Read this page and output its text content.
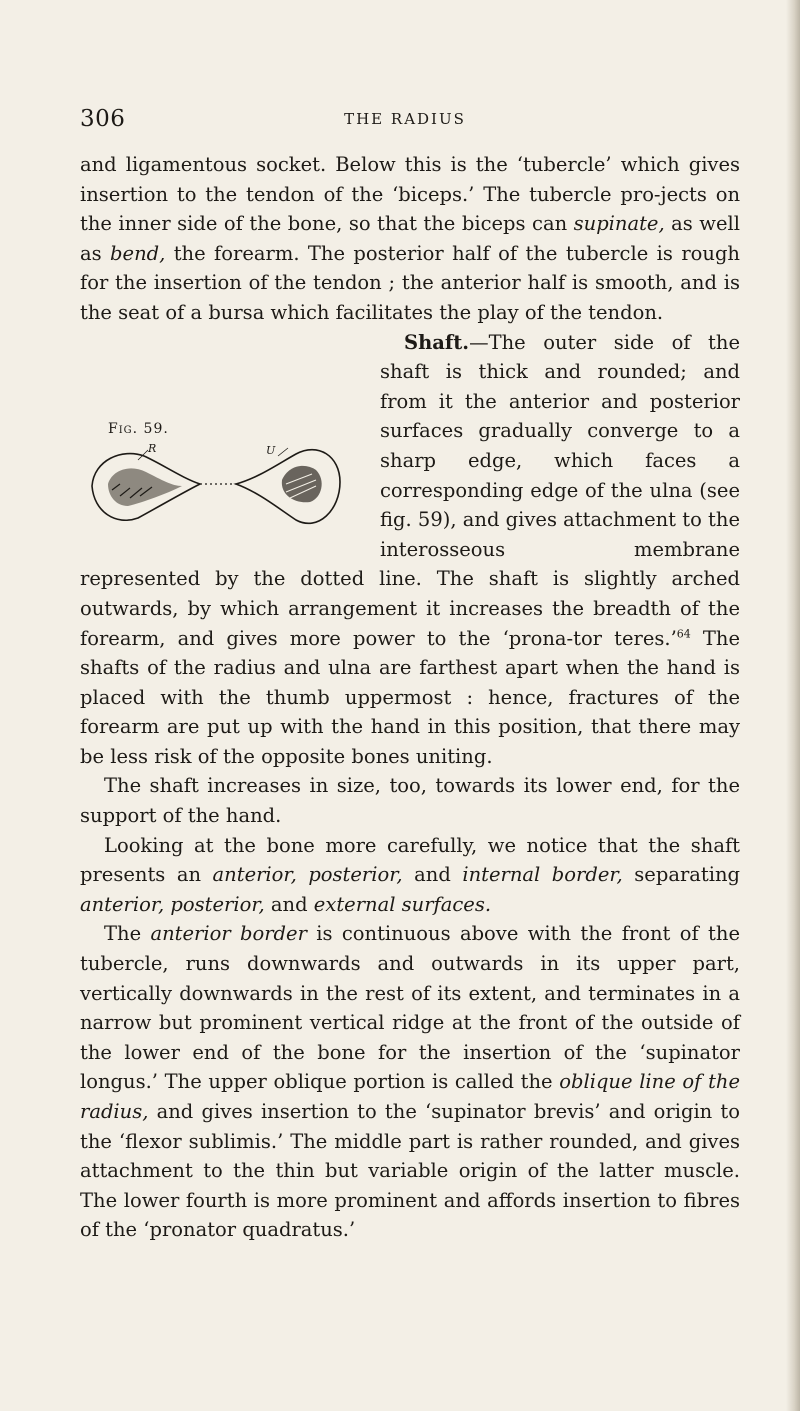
306	THE RADIUS

and ligamentous socket. Below this is the ‘tubercle’ which gives insertion to the tendon of the ‘biceps.’ The tubercle pro-jects on the inner side of the bone, so that the biceps can supinate, as well as bend, the forearm. The posterior half of the tubercle is rough for the insertion of the tendon ; the anterior half is smooth, and is the seat of a bursa which facilitates the play of the tendon.

Fig. 59.
R	U
Shaft.—The outer side of the shaft is thick and rounded; and from it the anterior and posterior surfaces gradually converge to a sharp edge, which faces a corresponding edge of the ulna (see fig. 59), and gives attachment to the interosseous membrane represented by the dotted line. The shaft is slightly arched outwards, by which arrangement it increases the breadth of the forearm, and gives more power to the ‘prona-tor teres.’$^{64}$ The shafts of the radius and ulna are farthest apart when the hand is placed with the thumb uppermost : hence, fractures of the forearm are put up with the hand in this position, that there may be less risk of the opposite bones uniting.

The shaft increases in size, too, towards its lower end, for the support of the hand.

Looking at the bone more carefully, we notice that the shaft presents an anterior, posterior, and internal border, separating anterior, posterior, and external surfaces.

The anterior border is continuous above with the front of the tubercle, runs downwards and outwards in its upper part, vertically downwards in the rest of its extent, and terminates in a narrow but prominent vertical ridge at the front of the outside of the lower end of the bone for the insertion of the ‘supinator longus.’ The upper oblique portion is called the oblique line of the radius, and gives insertion to the ‘supinator brevis’ and origin to the ‘flexor sublimis.’ The middle part is rather rounded, and gives attachment to the thin but variable origin of the latter muscle. The lower fourth is more prominent and affords insertion to fibres of the ‘pronator quadratus.’
